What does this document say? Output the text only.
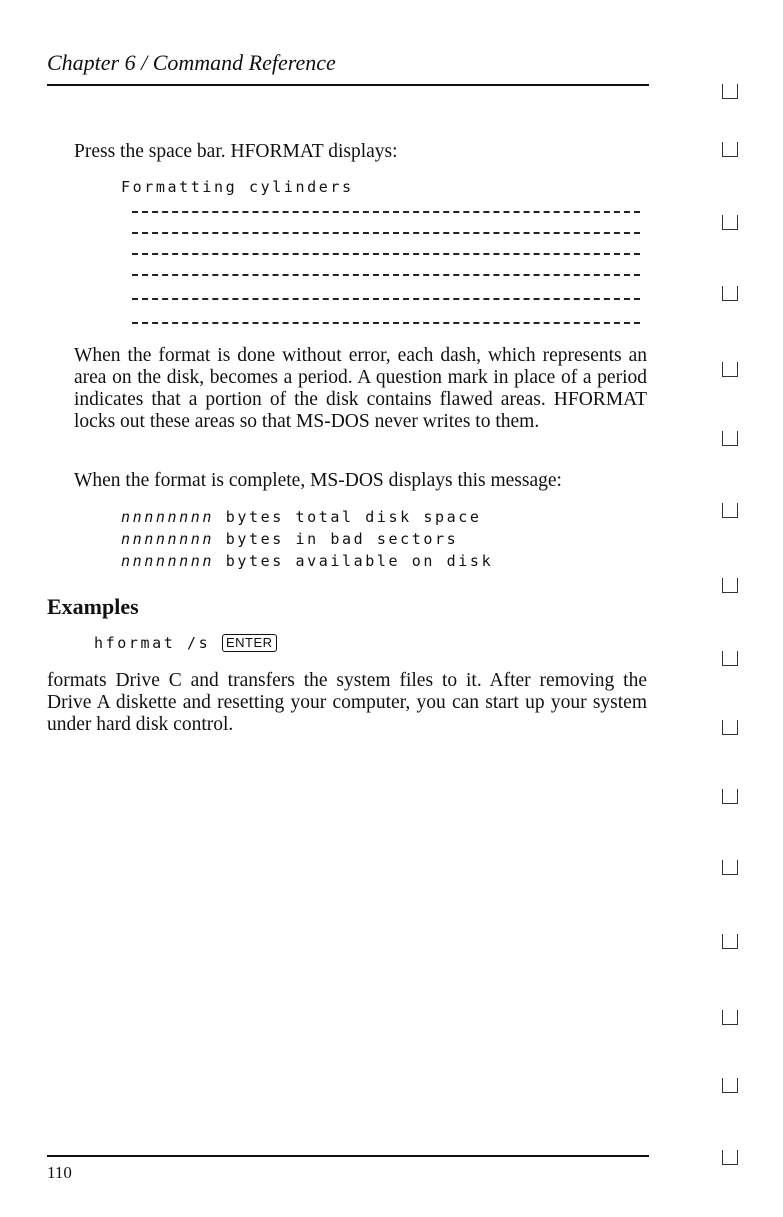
Chapter 6 / Command Reference
Press the space bar. HFORMAT displays:
Formatting cylinders
When the format is done without error, each dash, which represents an area on the disk, becomes a period. A question mark in place of a period indicates that a portion of the disk contains flawed areas. HFORMAT locks out these areas so that MS-DOS never writes to them.
When the format is complete, MS-DOS displays this message:
nnnnnnnn bytes total disk space
nnnnnnnn bytes in bad sectors
nnnnnnnn bytes available on disk
Examples
hformat /s ENTER
formats Drive C and transfers the system files to it. After removing the Drive A diskette and resetting your computer, you can start up your system under hard disk control.
110
